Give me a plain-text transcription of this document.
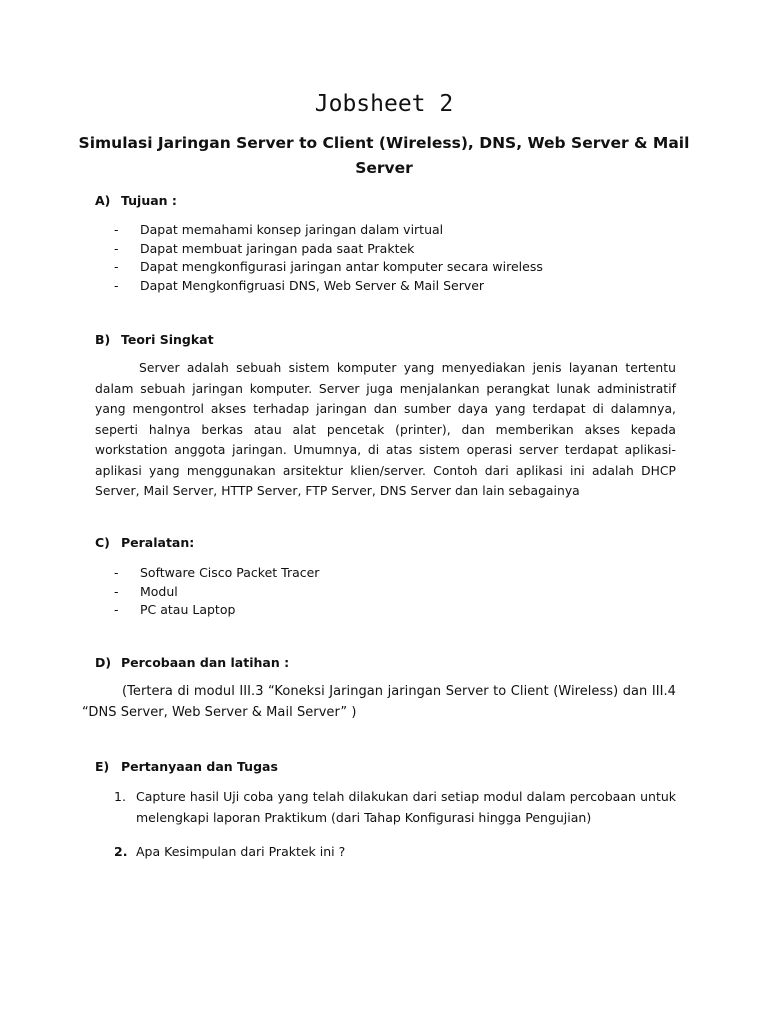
Jobsheet 2
Simulasi Jaringan Server to Client (Wireless), DNS, Web Server & Mail Server
A) Tujuan :
- Dapat memahami konsep jaringan dalam virtual
- Dapat membuat jaringan pada saat Praktek
- Dapat mengkonfigurasi jaringan antar komputer secara wireless
- Dapat Mengkonfigruasi DNS, Web Server & Mail Server
B) Teori Singkat

Server adalah sebuah sistem komputer yang menyediakan jenis layanan tertentu dalam sebuah jaringan komputer. Server juga menjalankan perangkat lunak administratif yang mengontrol akses terhadap jaringan dan sumber daya yang terdapat di dalamnya, seperti halnya berkas atau alat pencetak (printer), dan memberikan akses kepada workstation anggota jaringan. Umumnya, di atas sistem operasi server terdapat aplikasi-aplikasi yang menggunakan arsitektur klien/server. Contoh dari aplikasi ini adalah DHCP Server, Mail Server, HTTP Server, FTP Server, DNS Server dan lain sebagainya

C) Peralatan:
- Software Cisco Packet Tracer
- Modul
- PC atau Laptop
D) Percobaan dan latihan :

(Tertera di modul III.3 “Koneksi Jaringan jaringan Server to Client (Wireless) dan III.4 “DNS Server, Web Server & Mail Server” )

E) Pertanyaan dan Tugas
1. Capture hasil Uji coba yang telah dilakukan dari setiap modul dalam percobaan untuk melengkapi laporan Praktikum (dari Tahap Konfigurasi hingga Pengujian)
2. Apa Kesimpulan dari Praktek ini ?
